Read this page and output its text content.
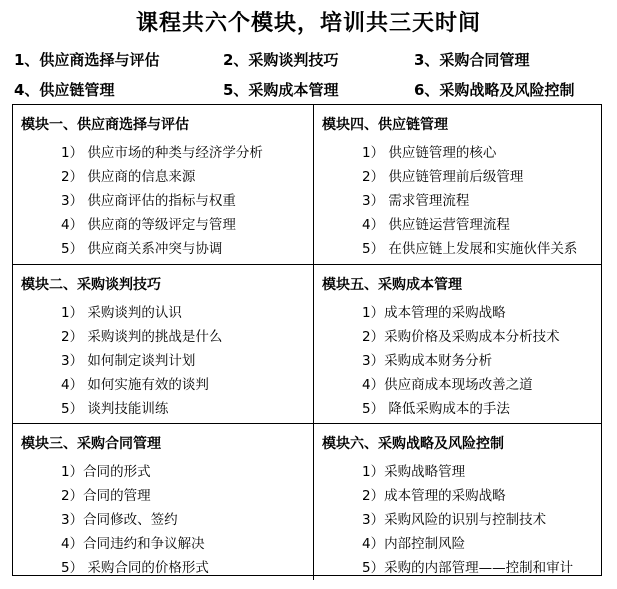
课程共六个模块，培训共三天时间
1、供应商选择与评估	2、采购谈判技巧	3、采购合同管理
4、供应链管理	5、采购成本管理	6、采购战略及风险控制
模块一、供应商选择与评估
1） 供应市场的种类与经济学分析
2） 供应商的信息来源
3） 供应商评估的指标与权重
4） 供应商的等级评定与管理
5） 供应商关系冲突与协调
模块四、供应链管理
1） 供应链管理的核心
2） 供应链管理前后级管理
3） 需求管理流程
4） 供应链运营管理流程
5） 在供应链上发展和实施伙伴关系
模块二、采购谈判技巧
1） 采购谈判的认识
2） 采购谈判的挑战是什么
3） 如何制定谈判计划
4） 如何实施有效的谈判
5） 谈判技能训练
模块五、采购成本管理
1）成本管理的采购战略
2）采购价格及采购成本分析技术
3）采购成本财务分析
4）供应商成本现场改善之道
5） 降低采购成本的手法
模块三、采购合同管理
1）合同的形式
2）合同的管理
3）合同修改、签约
4）合同违约和争议解决
5） 采购合同的价格形式
模块六、采购战略及风险控制
1）采购战略管理
2）成本管理的采购战略
3）采购风险的识别与控制技术
4）内部控制风险
5）采购的内部管理——控制和审计
